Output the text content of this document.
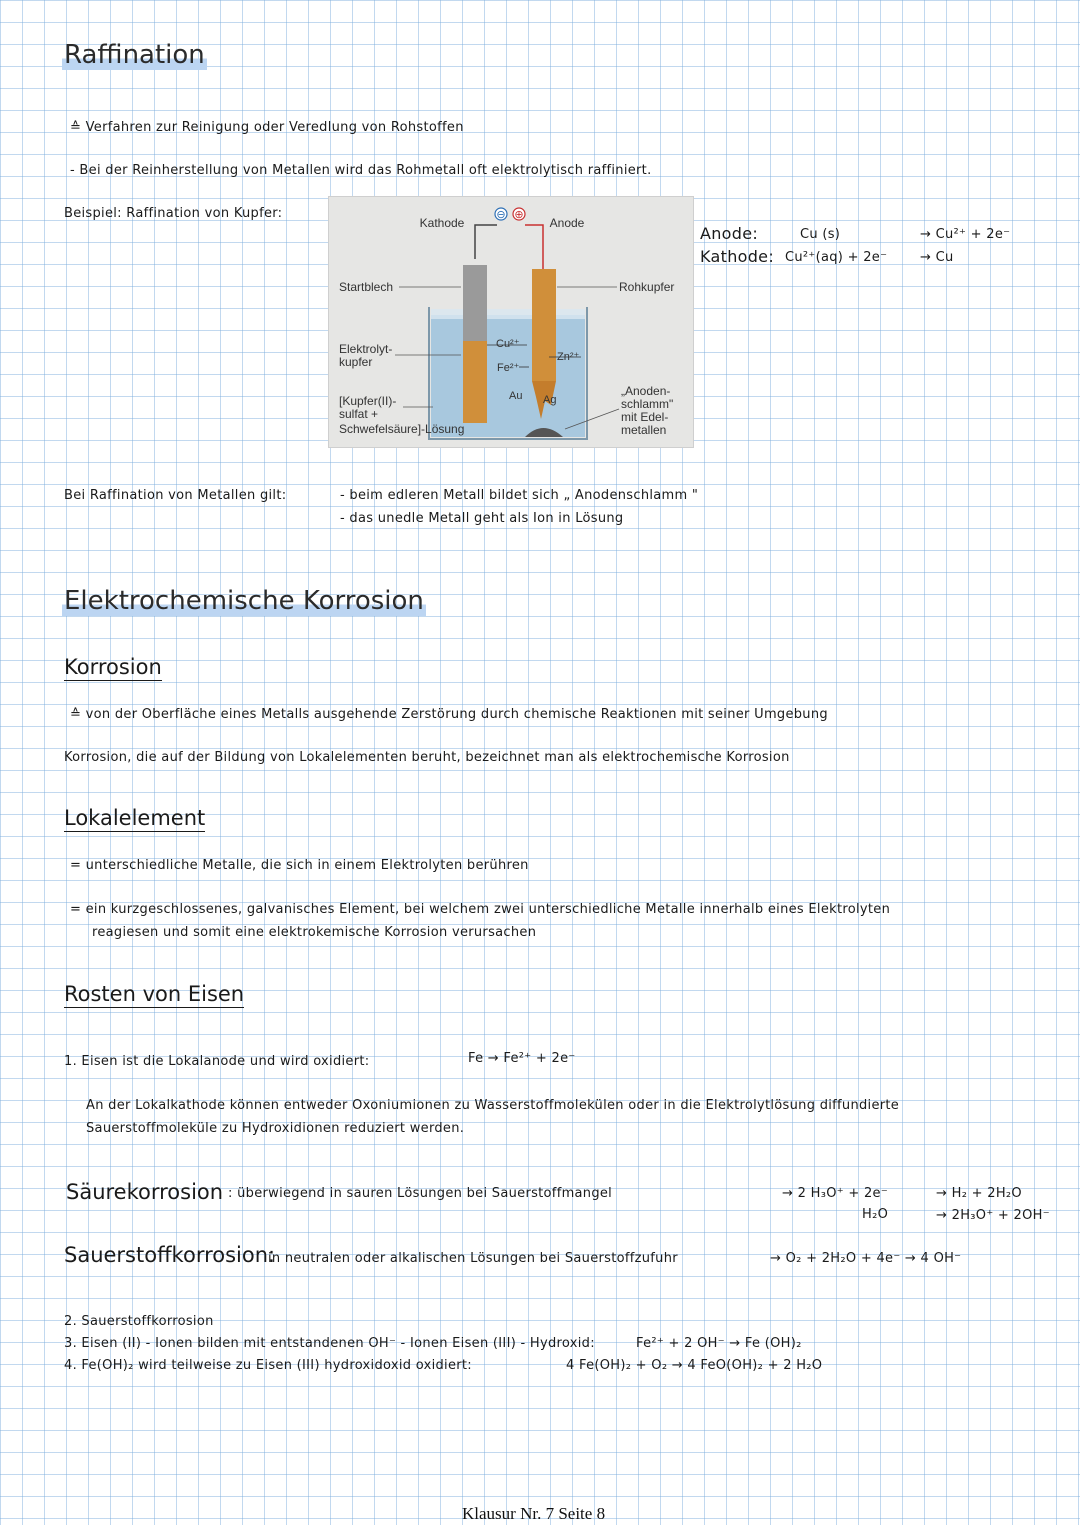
Raffination
≙ Verfahren zur Reinigung oder Veredlung von Rohstoffen
- Bei der Reinherstellung von Metallen wird das Rohmetall oft elektrolytisch raffiniert.
Beispiel: Raffination von Kupfer:	⊖ ⊕
Kathode	Anode
Startblech	Rohkupfer
Elektrolyt-
kupfer
Cu²⁺
Fe²⁺
Zn²⁺
Au Ag
[Kupfer(II)-
sulfat +
Schwefelsäure]-Lösung
„Anoden-
schlamm"
mit Edel-
metallen
Anode:	Cu (s)	→ Cu²⁺ + 2e⁻
Kathode: Cu²⁺(aq) + 2e⁻	→ Cu
Bei Raffination von Metallen gilt:	- beim edleren Metall bildet sich „ Anodenschlamm "
- das unedle Metall geht als Ion in Lösung
Elektrochemische Korrosion
Korrosion
≙ von der Oberfläche eines Metalls ausgehende Zerstörung durch chemische Reaktionen mit seiner Umgebung
Korrosion, die auf der Bildung von Lokalelementen beruht, bezeichnet man als elektrochemische Korrosion
Lokalelement
= unterschiedliche Metalle, die sich in einem Elektrolyten berühren
= ein kurzgeschlossenes, galvanisches Element, bei welchem zwei unterschiedliche Metalle innerhalb eines Elektrolyten
reagiesen und somit eine elektrokemische Korrosion verursachen
Rosten von Eisen
1. Eisen ist die Lokalanode und wird oxidiert:	Fe → Fe²⁺ + 2e⁻
An der Lokalkathode können entweder Oxoniumionen zu Wasserstoffmolekülen oder in die Elektrolytlösung diffundierte
Sauerstoffmoleküle zu Hydroxidionen reduziert werden.
Säurekorrosion : überwiegend in sauren Lösungen bei Sauerstoffmangel	→ 2 H₃O⁺ + 2e⁻	→ H₂ + 2H₂O
H₂O	→ 2H₃O⁺ + 2OH⁻
Sauerstoffkorrosion:
in neutralen oder alkalischen Lösungen bei Sauerstoffzufuhr	→ O₂ + 2H₂O + 4e⁻ → 4 OH⁻
2. Sauerstoffkorrosion
3. Eisen (II) - Ionen bilden mit entstandenen OH⁻ - Ionen Eisen (III) - Hydroxid:	Fe²⁺ + 2 OH⁻ → Fe (OH)₂
4. Fe(OH)₂ wird teilweise zu Eisen (III) hydroxidoxid oxidiert:	4 Fe(OH)₂ + O₂ → 4 FeO(OH)₂ + 2 H₂O
Klausur Nr. 7 Seite 8
